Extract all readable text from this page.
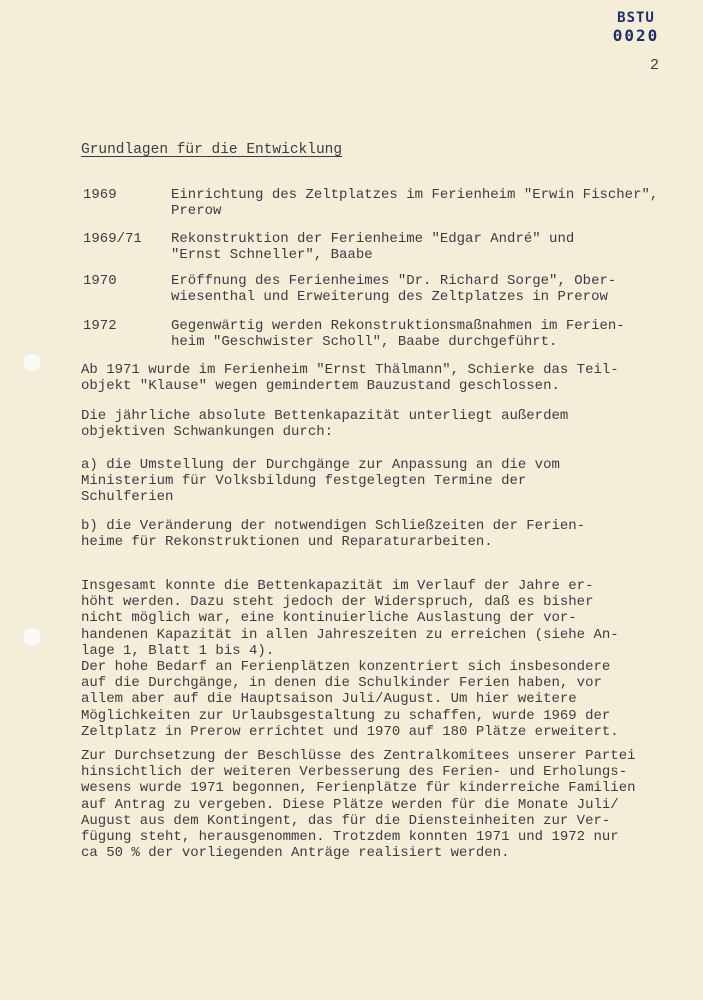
BSTU
0020
2
Grundlagen für die Entwicklung
1969	Einrichtung des Zeltplatzes im Ferienheim "Erwin Fischer",
Prerow
1969/71	Rekonstruktion der Ferienheime "Edgar André" und
"Ernst Schneller", Baabe
1970	Eröffnung des Ferienheimes "Dr. Richard Sorge", Ober-
wiesenthal und Erweiterung des Zeltplatzes in Prerow
1972	Gegenwärtig werden Rekonstruktionsmaßnahmen im Ferien-
heim "Geschwister Scholl", Baabe durchgeführt.
Ab 1971 wurde im Ferienheim "Ernst Thälmann", Schierke das Teil-
objekt "Klause" wegen gemindertem Bauzustand geschlossen.
Die jährliche absolute Bettenkapazität unterliegt außerdem
objektiven Schwankungen durch:
a) die Umstellung der Durchgänge zur Anpassung an die vom
Ministerium für Volksbildung festgelegten Termine der
Schulferien
b) die Veränderung der notwendigen Schließzeiten der Ferien-
heime für Rekonstruktionen und Reparaturarbeiten.
Insgesamt konnte die Bettenkapazität im Verlauf der Jahre er-
höht werden. Dazu steht jedoch der Widerspruch, daß es bisher
nicht möglich war, eine kontinuierliche Auslastung der vor-
handenen Kapazität in allen Jahreszeiten zu erreichen (siehe An-
lage 1, Blatt 1 bis 4).
Der hohe Bedarf an Ferienplätzen konzentriert sich insbesondere
auf die Durchgänge, in denen die Schulkinder Ferien haben, vor
allem aber auf die Hauptsaison Juli/August. Um hier weitere
Möglichkeiten zur Urlaubsgestaltung zu schaffen, wurde 1969 der
Zeltplatz in Prerow errichtet und 1970 auf 180 Plätze erweitert.
Zur Durchsetzung der Beschlüsse des Zentralkomitees unserer Partei
hinsichtlich der weiteren Verbesserung des Ferien- und Erholungs-
wesens wurde 1971 begonnen, Ferienplätze für kinderreiche Familien
auf Antrag zu vergeben. Diese Plätze werden für die Monate Juli/
August aus dem Kontingent, das für die Diensteinheiten zur Ver-
fügung steht, herausgenommen. Trotzdem konnten 1971 und 1972 nur
ca 50 % der vorliegenden Anträge realisiert werden.
